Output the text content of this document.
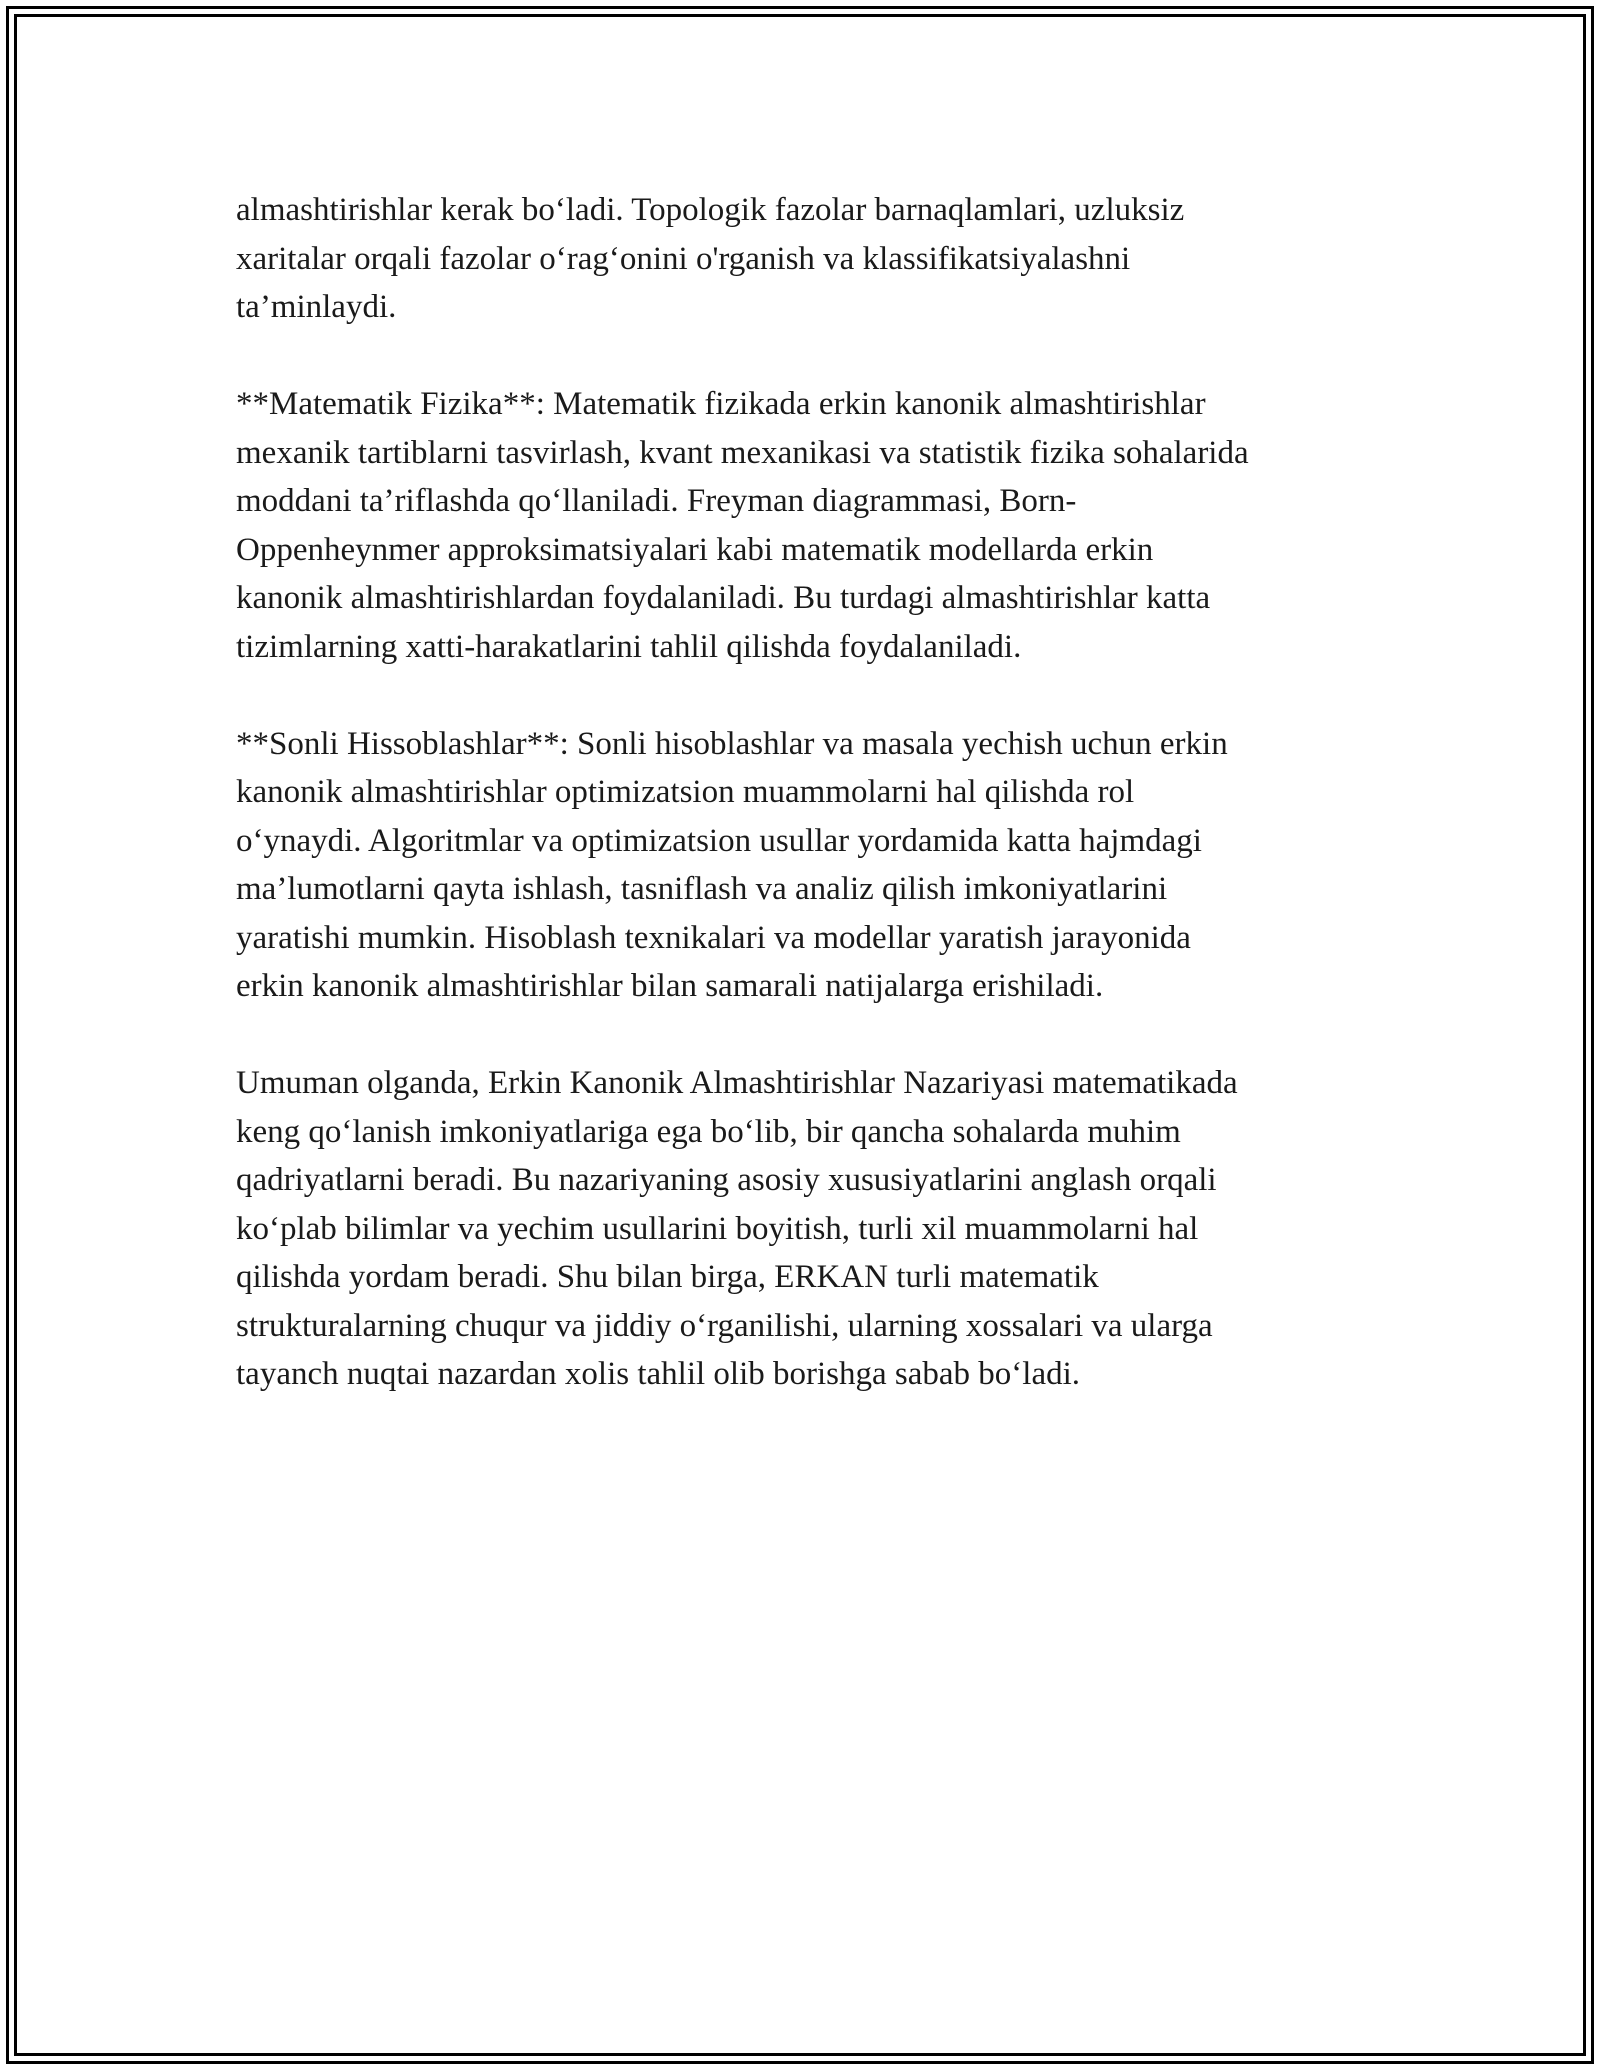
almashtirishlar kerak bo‘ladi. Topologik fazolar barnaqlamlari, uzluksiz
xaritalar orqali fazolar o‘rag‘onini o'rganish va klassifikatsiyalashni
ta’minlaydi.

**Matematik Fizika**: Matematik fizikada erkin kanonik almashtirishlar
mexanik tartiblarni tasvirlash, kvant mexanikasi va statistik fizika sohalarida
moddani ta’riflashda qo‘llaniladi. Freyman diagrammasi, Born-
Oppenheynmer approksimatsiyalari kabi matematik modellarda erkin
kanonik almashtirishlardan foydalaniladi. Bu turdagi almashtirishlar katta
tizimlarning xatti-harakatlarini tahlil qilishda foydalaniladi.

**Sonli Hissoblashlar**: Sonli hisoblashlar va masala yechish uchun erkin
kanonik almashtirishlar optimizatsion muammolarni hal qilishda rol
o‘ynaydi. Algoritmlar va optimizatsion usullar yordamida katta hajmdagi
ma’lumotlarni qayta ishlash, tasniflash va analiz qilish imkoniyatlarini
yaratishi mumkin. Hisoblash texnikalari va modellar yaratish jarayonida
erkin kanonik almashtirishlar bilan samarali natijalarga erishiladi.

Umuman olganda, Erkin Kanonik Almashtirishlar Nazariyasi matematikada
keng qo‘lanish imkoniyatlariga ega bo‘lib, bir qancha sohalarda muhim
qadriyatlarni beradi. Bu nazariyaning asosiy xususiyatlarini anglash orqali
ko‘plab bilimlar va yechim usullarini boyitish, turli xil muammolarni hal
qilishda yordam beradi. Shu bilan birga, ERKAN turli matematik
strukturalarning chuqur va jiddiy o‘rganilishi, ularning xossalari va ularga
tayanch nuqtai nazardan xolis tahlil olib borishga sabab bo‘ladi.
